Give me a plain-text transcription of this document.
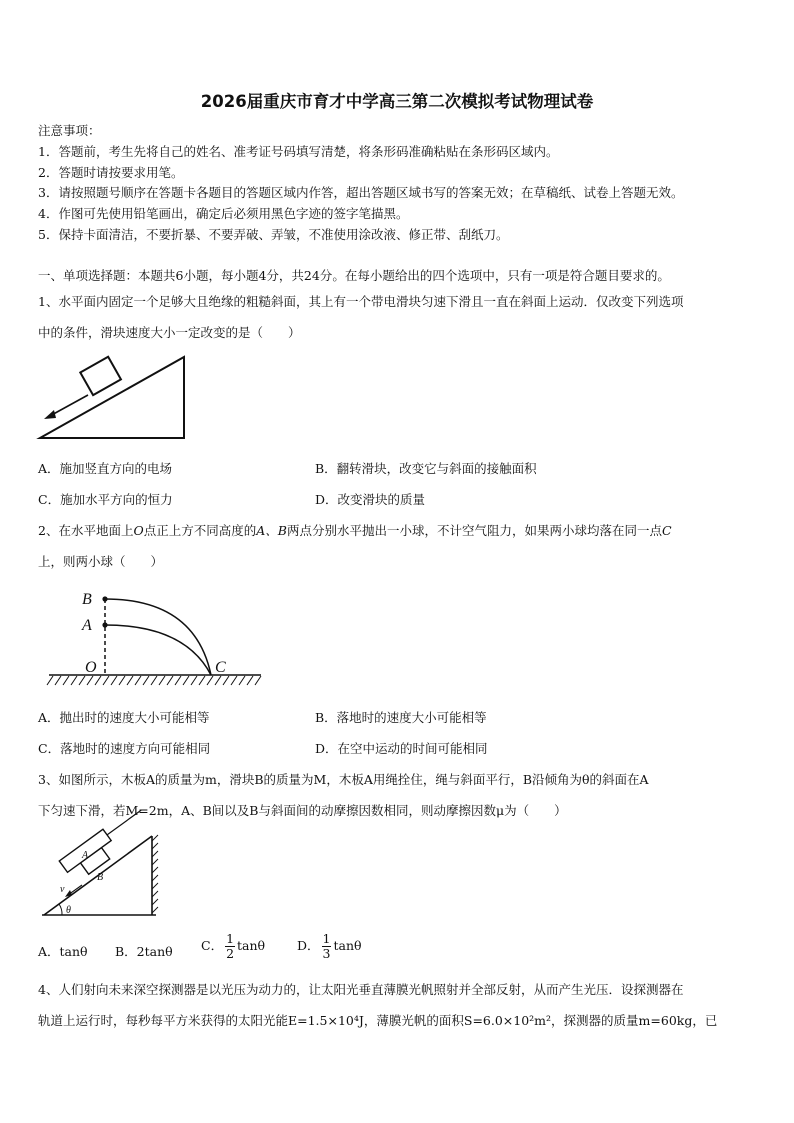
2026届重庆市育才中学高三第二次模拟考试物理试卷
注意事项：
1．答题前，考生先将自己的姓名、准考证号码填写清楚，将条形码准确粘贴在条形码区域内。
2．答题时请按要求用笔。
3．请按照题号顺序在答题卡各题目的答题区域内作答，超出答题区域书写的答案无效；在草稿纸、试卷上答题无效。
4．作图可先使用铅笔画出，确定后必须用黑色字迹的签字笔描黑。
5．保持卡面清洁，不要折暴、不要弄破、弄皱，不准使用涂改液、修正带、刮纸刀。
一、单项选择题：本题共6小题，每小题4分，共24分。在每小题给出的四个选项中，只有一项是符合题目要求的。
1、水平面内固定一个足够大且绝缘的粗糙斜面，其上有一个带电滑块匀速下滑且一直在斜面上运动．仅改变下列选项
中的条件，滑块速度大小一定改变的是（　　）
A．施加竖直方向的电场	B．翻转滑块，改变它与斜面的接触面积
C．施加水平方向的恒力	D．改变滑块的质量
2、在水平地面上O点正上方不同高度的A、B两点分别水平抛出一小球，不计空气阻力，如果两小球均落在同一点C
上，则两小球（　　）
B
A
O	C
A．抛出时的速度大小可能相等	B．落地时的速度大小可能相等
C．落地时的速度方向可能相同	D．在空中运动的时间可能相同
3、如图所示，木板A的质量为m，滑块B的质量为M，木板A用绳拴住，绳与斜面平行，B沿倾角为θ的斜面在A
下匀速下滑，若M=2m，A、B间以及B与斜面间的动摩擦因数相同，则动摩擦因数μ为（　　）
A
B
v
θ
A．tanθ B．2tanθ C． $\frac{1}{2}$ tanθ	D． $\frac{1}{3}$ tanθ
4、人们射向未来深空探测器是以光压为动力的，让太阳光垂直薄膜光帆照射并全部反射，从而产生光压．设探测器在
轨道上运行时，每秒每平方米获得的太阳光能E=1.5×10⁴J，薄膜光帆的面积S=6.0×10²m²，探测器的质量m=60kg，已
